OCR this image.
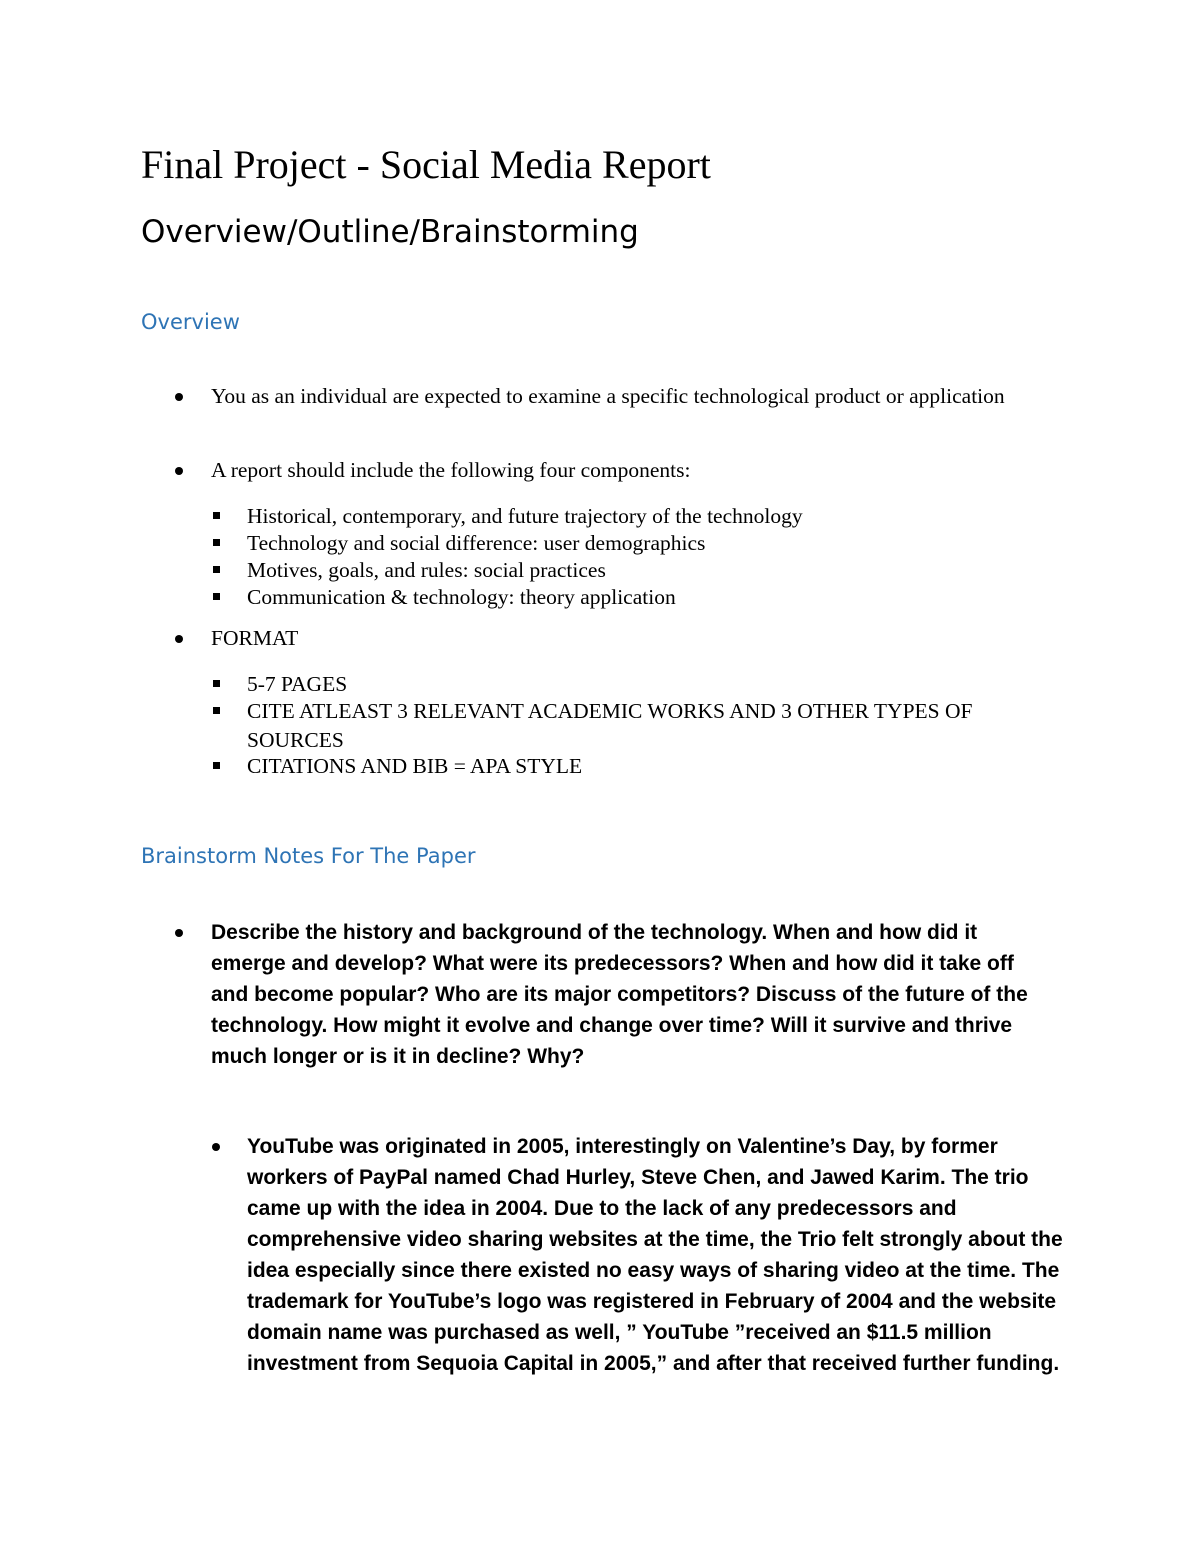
Final Project - Social Media Report
Overview/Outline/Brainstorming
Overview

You as an individual are expected to examine a specific technological product or application

A report should include the following four components:

Historical, contemporary, and future trajectory of the technology

Technology and social difference: user demographics

Motives, goals, and rules: social practices

Communication & technology: theory application

FORMAT

5-7 PAGES

CITE ATLEAST 3 RELEVANT ACADEMIC WORKS AND 3 OTHER TYPES OF SOURCES

CITATIONS AND BIB = APA STYLE

Brainstorm Notes For The Paper

Describe the history and background of the technology. When and how did it emerge and develop? What were its predecessors? When and how did it take off and become popular? Who are its major competitors? Discuss of the future of the technology. How might it evolve and change over time? Will it survive and thrive much longer or is it in decline? Why?

YouTube was originated in 2005, interestingly on Valentine’s Day, by former workers of PayPal named Chad Hurley, Steve Chen, and Jawed Karim. The trio came up with the idea in 2004. Due to the lack of any predecessors and comprehensive video sharing websites at the time, the Trio felt strongly about the idea especially since there existed no easy ways of sharing video at the time. The trademark for YouTube’s logo was registered in February of 2004 and the website domain name was purchased as well, ” YouTube ”received an $11.5 million investment from Sequoia Capital in 2005,” and after that received further funding.
